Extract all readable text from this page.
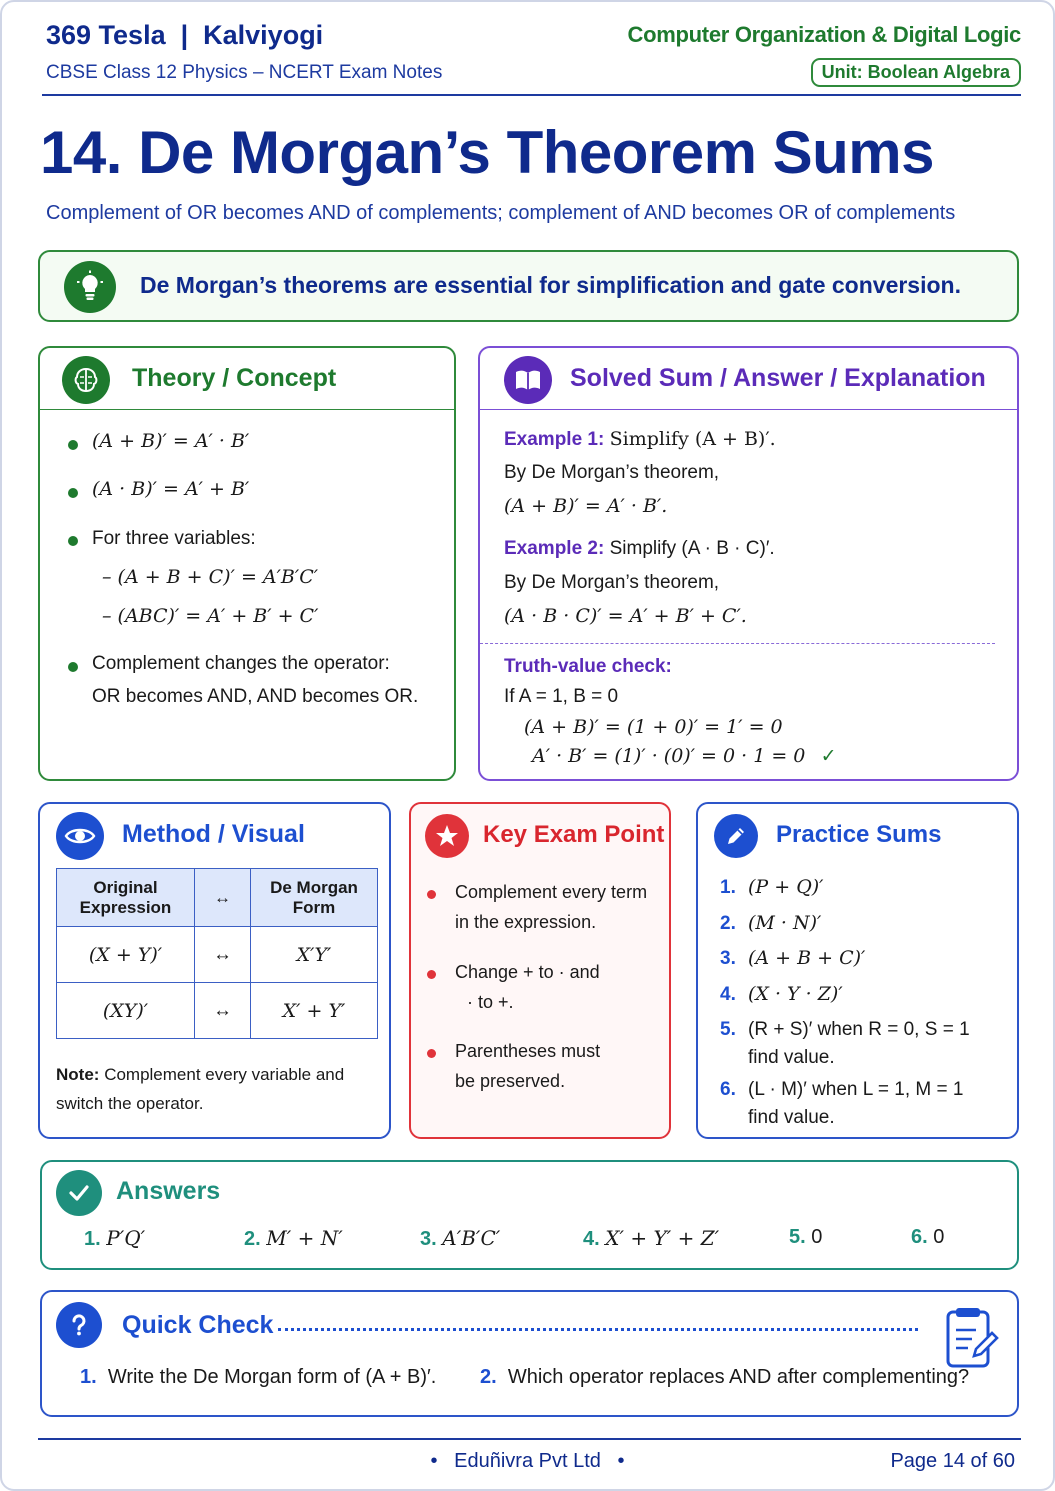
369 Tesla  |  Kalviyogi
CBSE Class 12 Physics – NCERT Exam Notes
Computer Organization & Digital Logic
Unit: Boolean Algebra
14. De Morgan’s Theorem Sums
Complement of OR becomes AND of complements; complement of AND becomes OR of complements
De Morgan’s theorems are essential for simplification and gate conversion.
Theory / Concept
(A + B)′ = A′ · B′
(A · B)′ = A′ + B′
For three variables:
– (A + B + C)′ = A′B′C′
– (ABC)′ = A′ + B′ + C′
Complement changes the operator:
OR becomes AND, AND becomes OR.
Solved Sum / Answer / Explanation
Example 1: Simplify (A + B)′.
By De Morgan’s theorem,
(A + B)′ = A′ · B′.
Example 2: Simplify (A · B · C)′.
By De Morgan’s theorem,
(A · B · C)′ = A′ + B′ + C′.
Truth-value check:
If A = 1, B = 0
(A + B)′ = (1 + 0)′ = 1′ = 0
A′ · B′ = (1)′ · (0)′ = 0 · 1 = 0 ✓
Method / Visual
Original Expression	↔	De Morgan Form
(X + Y)′	↔	X′Y′
(XY)′	↔	X′ + Y′
Note: Complement every variable and switch the operator.
Key Exam Point
Complement every term
in the expression.
Change + to · and
· to +.
Parentheses must
be preserved.
Practice Sums
1. (P + Q)′
2. (M · N)′
3. (A + B + C)′
4. (X · Y · Z)′
5. (R + S)′ when R = 0, S = 1
find value.
6. (L · M)′ when L = 1, M = 1
find value.
Answers
1. P′Q′	2. M′ + N′	3. A′B′C′	4. X′ + Y′ + Z′	5. 0	6. 0
Quick Check
1. Write the De Morgan form of (A + B)′. 2. Which operator replaces AND after complementing?
•   Eduñivra Pvt Ltd   •	Page 14 of 60
